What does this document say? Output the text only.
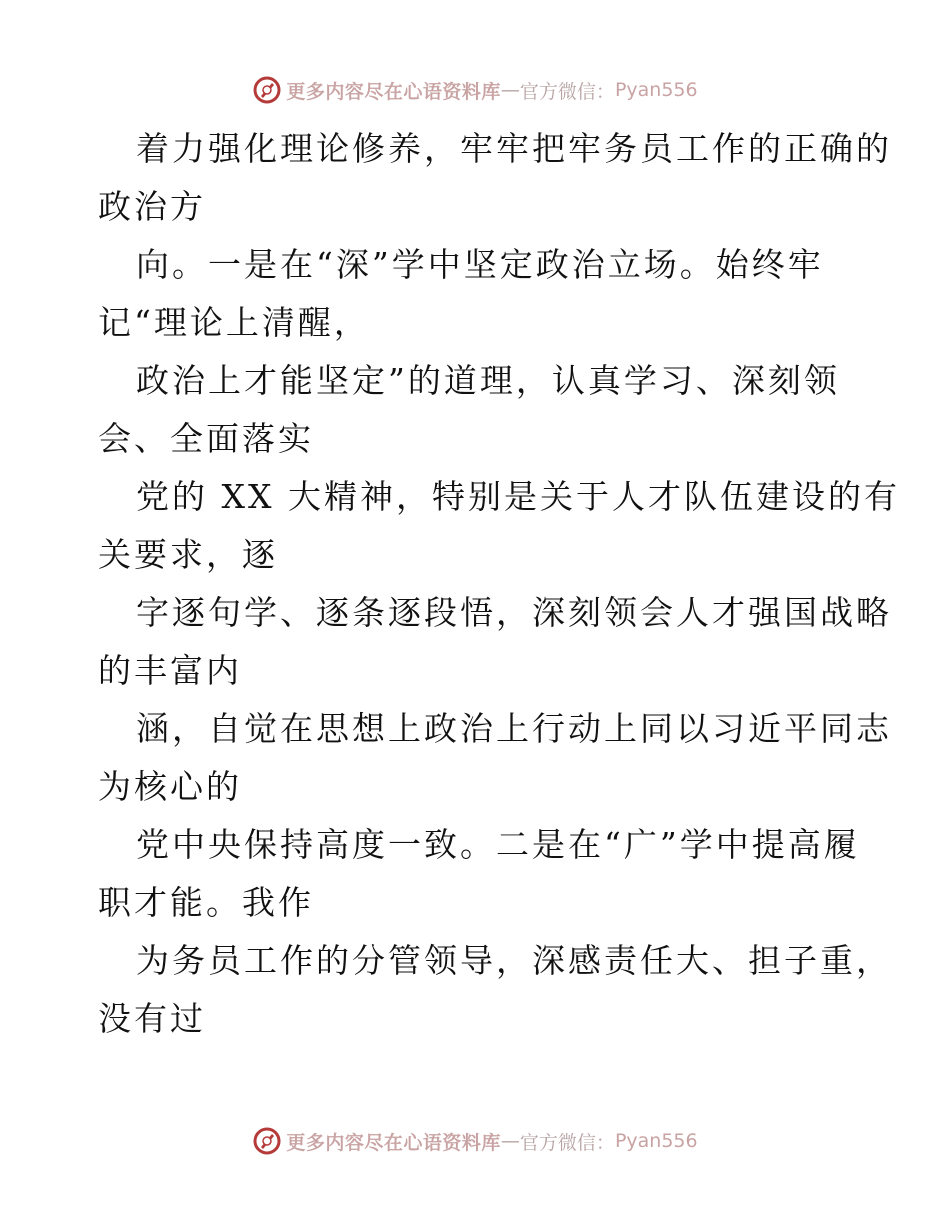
更多内容尽在心语资料库 — 官方微信： Pyan556

着力强化理论修养，牢牢把牢务员工作的正确的
政治方

向。一是在“深”学中坚定政治立场。始终牢
记“理论上清醒，

政治上才能坚定”的道理，认真学习、深刻领
会、全面落实

党的 XX 大精神，特别是关于人才队伍建设的有
关要求，逐

字逐句学、逐条逐段悟，深刻领会人才强国战略
的丰富内

涵，自觉在思想上政治上行动上同以习近平同志
为核心的

党中央保持高度一致。二是在“广”学中提高履
职才能。我作

为务员工作的分管领导，深感责任大、担子重，
没有过

更多内容尽在心语资料库 — 官方微信： Pyan556
